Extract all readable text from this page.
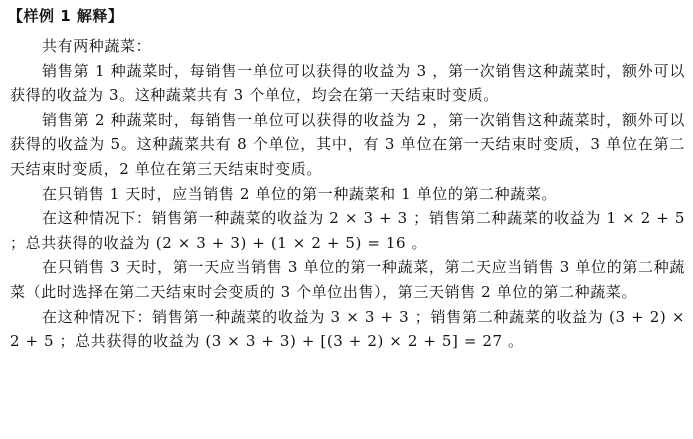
【样例 1 解释】

共有两种蔬菜：

销售第 1 种蔬菜时，每销售一单位可以获得的收益为 3 ，第一次销售这种蔬菜时，额外可以获得的收益为 3。这种蔬菜共有 3 个单位，均会在第一天结束时变质。

销售第 2 种蔬菜时，每销售一单位可以获得的收益为 2 ，第一次销售这种蔬菜时，额外可以获得的收益为 5。这种蔬菜共有 8 个单位，其中，有 3 单位在第一天结束时变质，3 单位在第二天结束时变质，2 单位在第三天结束时变质。

在只销售 1 天时，应当销售 2 单位的第一种蔬菜和 1 单位的第二种蔬菜。

在这种情况下：销售第一种蔬菜的收益为 2 × 3 + 3 ；销售第二种蔬菜的收益为 1 × 2 + 5 ；总共获得的收益为 (2 × 3 + 3) + (1 × 2 + 5) = 16 。

在只销售 3 天时，第一天应当销售 3 单位的第一种蔬菜，第二天应当销售 3 单位的第二种蔬菜（此时选择在第二天结束时会变质的 3 个单位出售），第三天销售 2 单位的第二种蔬菜。

在这种情况下：销售第一种蔬菜的收益为 3 × 3 + 3 ；销售第二种蔬菜的收益为 (3 + 2) × 2 + 5 ；总共获得的收益为 (3 × 3 + 3) + [(3 + 2) × 2 + 5] = 27 。
